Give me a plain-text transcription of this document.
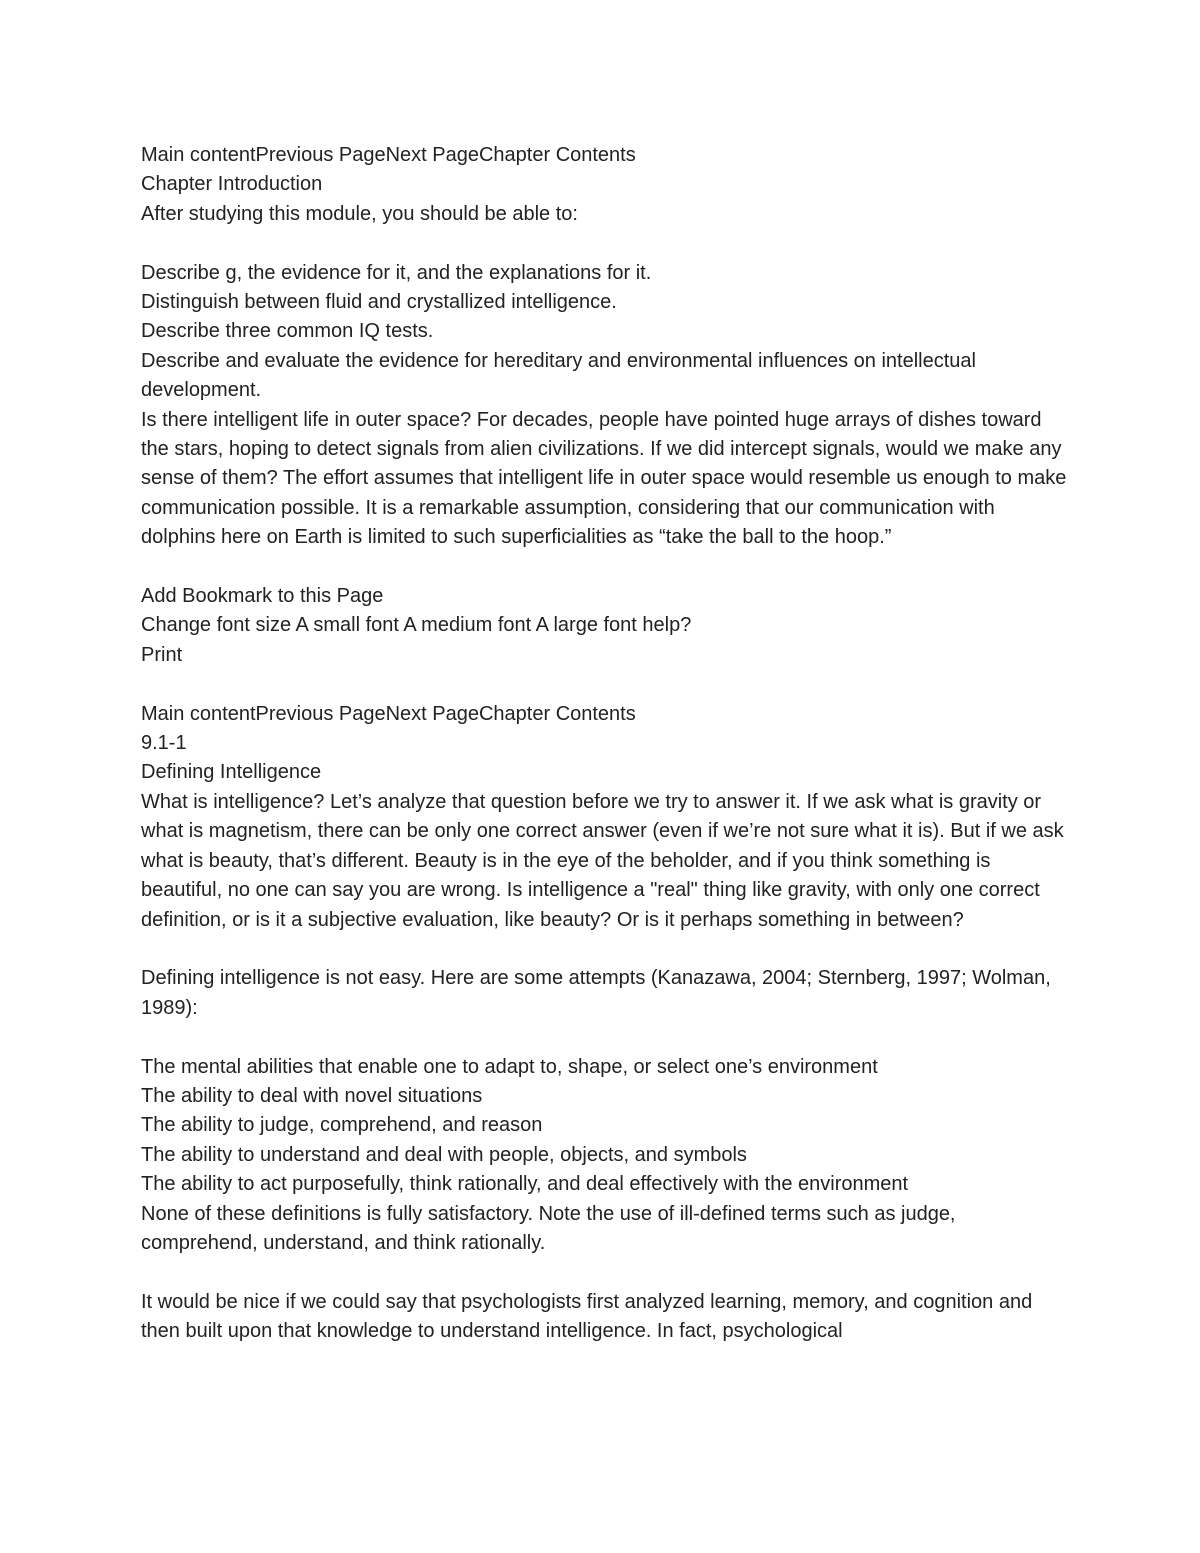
Main contentPrevious PageNext PageChapter Contents
Chapter Introduction
After studying this module, you should be able to:
Describe g, the evidence for it, and the explanations for it.
Distinguish between fluid and crystallized intelligence.
Describe three common IQ tests.
Describe and evaluate the evidence for hereditary and environmental influences on intellectual development.
Is there intelligent life in outer space? For decades, people have pointed huge arrays of dishes toward the stars, hoping to detect signals from alien civilizations. If we did intercept signals, would we make any sense of them? The effort assumes that intelligent life in outer space would resemble us enough to make communication possible. It is a remarkable assumption, considering that our communication with dolphins here on Earth is limited to such superficialities as “take the ball to the hoop.”
Add Bookmark to this Page
Change font size A small font A medium font A large font help?
Print
Main contentPrevious PageNext PageChapter Contents
9.1-1
Defining Intelligence
What is intelligence? Let’s analyze that question before we try to answer it. If we ask what is gravity or what is magnetism, there can be only one correct answer (even if we’re not sure what it is). But if we ask what is beauty, that’s different. Beauty is in the eye of the beholder, and if you think something is beautiful, no one can say you are wrong. Is intelligence a "real" thing like gravity, with only one correct definition, or is it a subjective evaluation, like beauty? Or is it perhaps something in between?
Defining intelligence is not easy. Here are some attempts (Kanazawa, 2004; Sternberg, 1997; Wolman, 1989):
The mental abilities that enable one to adapt to, shape, or select one’s environment
The ability to deal with novel situations
The ability to judge, comprehend, and reason
The ability to understand and deal with people, objects, and symbols
The ability to act purposefully, think rationally, and deal effectively with the environment
None of these definitions is fully satisfactory. Note the use of ill-defined terms such as judge, comprehend, understand, and think rationally.
It would be nice if we could say that psychologists first analyzed learning, memory, and cognition and then built upon that knowledge to understand intelligence. In fact, psychological
